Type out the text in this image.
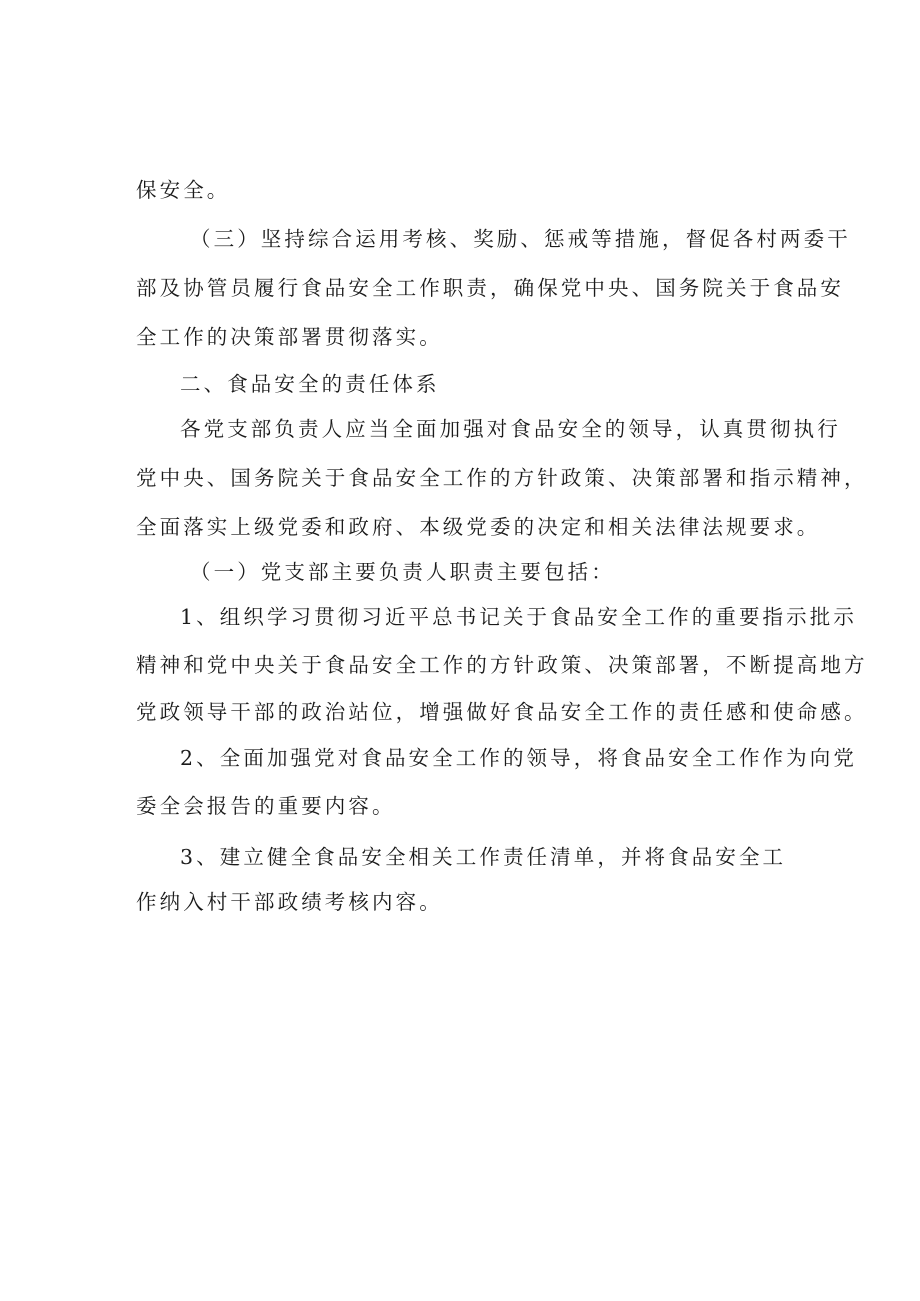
保安全。
（三）坚持综合运用考核、奖励、惩戒等措施，督促各村两委干
部及协管员履行食品安全工作职责，确保党中央、国务院关于食品安
全工作的决策部署贯彻落实。
二、食品安全的责任体系
各党支部负责人应当全面加强对食品安全的领导，认真贯彻执行
党中央、国务院关于食品安全工作的方针政策、决策部署和指示精神，
全面落实上级党委和政府、本级党委的决定和相关法律法规要求。
（一）党支部主要负责人职责主要包括：
1、组织学习贯彻习近平总书记关于食品安全工作的重要指示批示
精神和党中央关于食品安全工作的方针政策、决策部署，不断提高地方
党政领导干部的政治站位，增强做好食品安全工作的责任感和使命感。
2、全面加强党对食品安全工作的领导，将食品安全工作作为向党
委全会报告的重要内容。
3、建立健全食品安全相关工作责任清单，并将食品安全工
作纳入村干部政绩考核内容。
